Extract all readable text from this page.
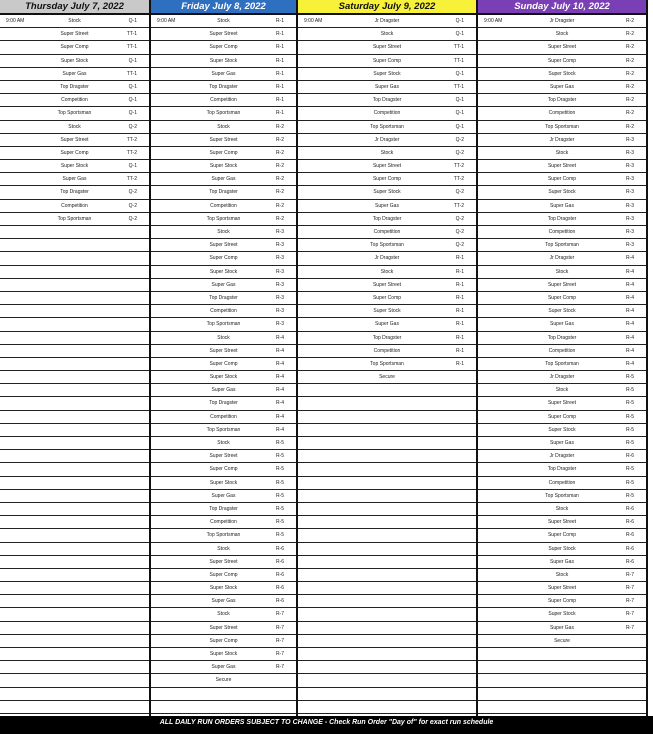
Thursday July 7, 2022
9:00 AM	Stock	Q-1
Super Street	TT-1
Super Comp	TT-1
Super Stock	Q-1
Super Gas	TT-1
Top Dragster	Q-1
Competition	Q-1
Top Sportsman	Q-1
Stock	Q-2
Super Street	TT-2
Super Comp	TT-2
Super Stock	Q-1
Super Gas	TT-2
Top Dragster	Q-2
Competition	Q-2
Top Sportsman	Q-2
Friday July 8, 2022
9:00 AM	Stock	R-1
Super Street	R-1
Super Comp	R-1
Super Stock	R-1
Super Gas	R-1
Top Dragster	R-1
Competition	R-1
Top Sportsman	R-1
Stock	R-2
Super Street	R-2
Super Comp	R-2
Super Stock	R-2
Super Gas	R-2
Top Dragster	R-2
Competition	R-2
Top Sportsman	R-2
Stock	R-3
Super Street	R-3
Super Comp	R-3
Super Stock	R-3
Super Gas	R-3
Top Dragster	R-3
Competition	R-3
Top Sportsman	R-3
Stock	R-4
Super Street	R-4
Super Comp	R-4
Super Stock	R-4
Super Gas	R-4
Top Dragster	R-4
Competition	R-4
Top Sportsman	R-4
Stock	R-5
Super Street	R-5
Super Comp	R-5
Super Stock	R-5
Super Gas	R-5
Top Dragster	R-5
Competition	R-5
Top Sportsman	R-5
Stock	R-6
Super Street	R-6
Super Comp	R-6
Super Stock	R-6
Super Gas	R-6
Stock	R-7
Super Street	R-7
Super Comp	R-7
Super Stock	R-7
Super Gas	R-7
Secure
Saturday July 9, 2022
9:00 AM	Jr Dragster	Q-1
Stock	Q-1
Super Street	TT-1
Super Comp	TT-1
Super Stock	Q-1
Super Gas	TT-1
Top Dragster	Q-1
Competition	Q-1
Top Sportsman	Q-1
Jr Dragster	Q-2
Stock	Q-2
Super Street	TT-2
Super Comp	TT-2
Super Stock	Q-2
Super Gas	TT-2
Top Dragster	Q-2
Competition	Q-2
Top Sportsman	Q-2
Jr Dragster	R-1
Stock	R-1
Super Street	R-1
Super Comp	R-1
Super Stock	R-1
Super Gas	R-1
Top Dragster	R-1
Competition	R-1
Top Sportsman	R-1
Secure
Sunday July 10, 2022
9:00 AM	Jr Dragster	R-2
Stock	R-2
Super Street	R-2
Super Comp	R-2
Super Stock	R-2
Super Gas	R-2
Top Dragster	R-2
Competition	R-2
Top Sportsman	R-2
Jr Dragster	R-3
Stock	R-3
Super Street	R-3
Super Comp	R-3
Super Stock	R-3
Super Gas	R-3
Top Dragster	R-3
Competition	R-3
Top Sportsman	R-3
Jr Dragster	R-4
Stock	R-4
Super Street	R-4
Super Comp	R-4
Super Stock	R-4
Super Gas	R-4
Top Dragster	R-4
Competition	R-4
Top Sportsman	R-4
Jr Dragster	R-5
Stock	R-5
Super Street	R-5
Super Comp	R-5
Super Stock	R-5
Super Gas	R-5
Jr Dragster	R-6
Top Dragster	R-5
Competition	R-5
Top Sportsman	R-5
Stock	R-6
Super Street	R-6
Super Comp	R-6
Super Stock	R-6
Super Gas	R-6
Stock	R-7
Super Street	R-7
Super Comp	R-7
Super Stock	R-7
Super Gas	R-7
Secure
ALL DAILY RUN ORDERS SUBJECT TO CHANGE - Check Run Order "Day of" for exact run schedule
